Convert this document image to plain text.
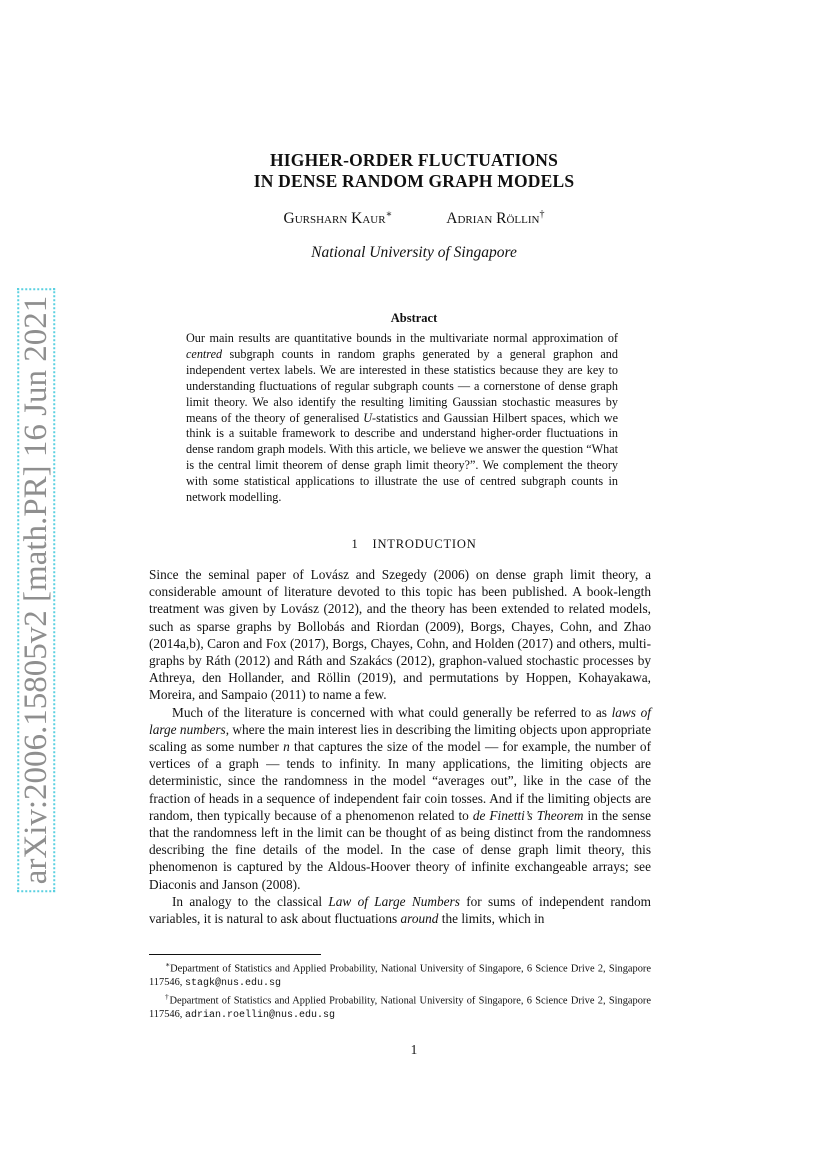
arXiv:2006.15805v2 [math.PR] 16 Jun 2021
HIGHER-ORDER FLUCTUATIONS
IN DENSE RANDOM GRAPH MODELS
Gursharn Kaur∗	Adrian Röllin†
National University of Singapore
Abstract
Our main results are quantitative bounds in the multivariate normal approximation of centred subgraph counts in random graphs generated by a general graphon and independent vertex labels. We are interested in these statistics because they are key to understanding fluctuations of regular subgraph counts — a cornerstone of dense graph limit theory. We also identify the resulting limiting Gaussian stochastic measures by means of the theory of generalised U-statistics and Gaussian Hilbert spaces, which we think is a suitable framework to describe and understand higher-order fluctuations in dense random graph models. With this article, we believe we answer the question “What is the central limit theorem of dense graph limit theory?”. We complement the theory with some statistical applications to illustrate the use of centred subgraph counts in network modelling.
1 INTRODUCTION

Since the seminal paper of Lovász and Szegedy (2006) on dense graph limit theory, a considerable amount of literature devoted to this topic has been published. A book-length treatment was given by Lovász (2012), and the theory has been extended to related models, such as sparse graphs by Bollobás and Riordan (2009), Borgs, Chayes, Cohn, and Zhao (2014a,b), Caron and Fox (2017), Borgs, Chayes, Cohn, and Holden (2017) and others, multi-graphs by Ráth (2012) and Ráth and Szakács (2012), graphon-valued stochastic processes by Athreya, den Hollander, and Röllin (2019), and permutations by Hoppen, Kohayakawa, Moreira, and Sampaio (2011) to name a few.

Much of the literature is concerned with what could generally be referred to as laws of large numbers, where the main interest lies in describing the limiting objects upon appropriate scaling as some number n that captures the size of the model — for example, the number of vertices of a graph — tends to infinity. In many applications, the limiting objects are deterministic, since the randomness in the model “averages out”, like in the case of the fraction of heads in a sequence of independent fair coin tosses. And if the limiting objects are random, then typically because of a phenomenon related to de Finetti’s Theorem in the sense that the randomness left in the limit can be thought of as being distinct from the randomness describing the fine details of the model. In the case of dense graph limit theory, this phenomenon is captured by the Aldous-Hoover theory of infinite exchangeable arrays; see Diaconis and Janson (2008).

In analogy to the classical Law of Large Numbers for sums of independent random variables, it is natural to ask about fluctuations around the limits, which in

∗Department of Statistics and Applied Probability, National University of Singapore, 6 Science Drive 2, Singapore 117546, stagk@nus.edu.sg

†Department of Statistics and Applied Probability, National University of Singapore, 6 Science Drive 2, Singapore 117546, adrian.roellin@nus.edu.sg

1
